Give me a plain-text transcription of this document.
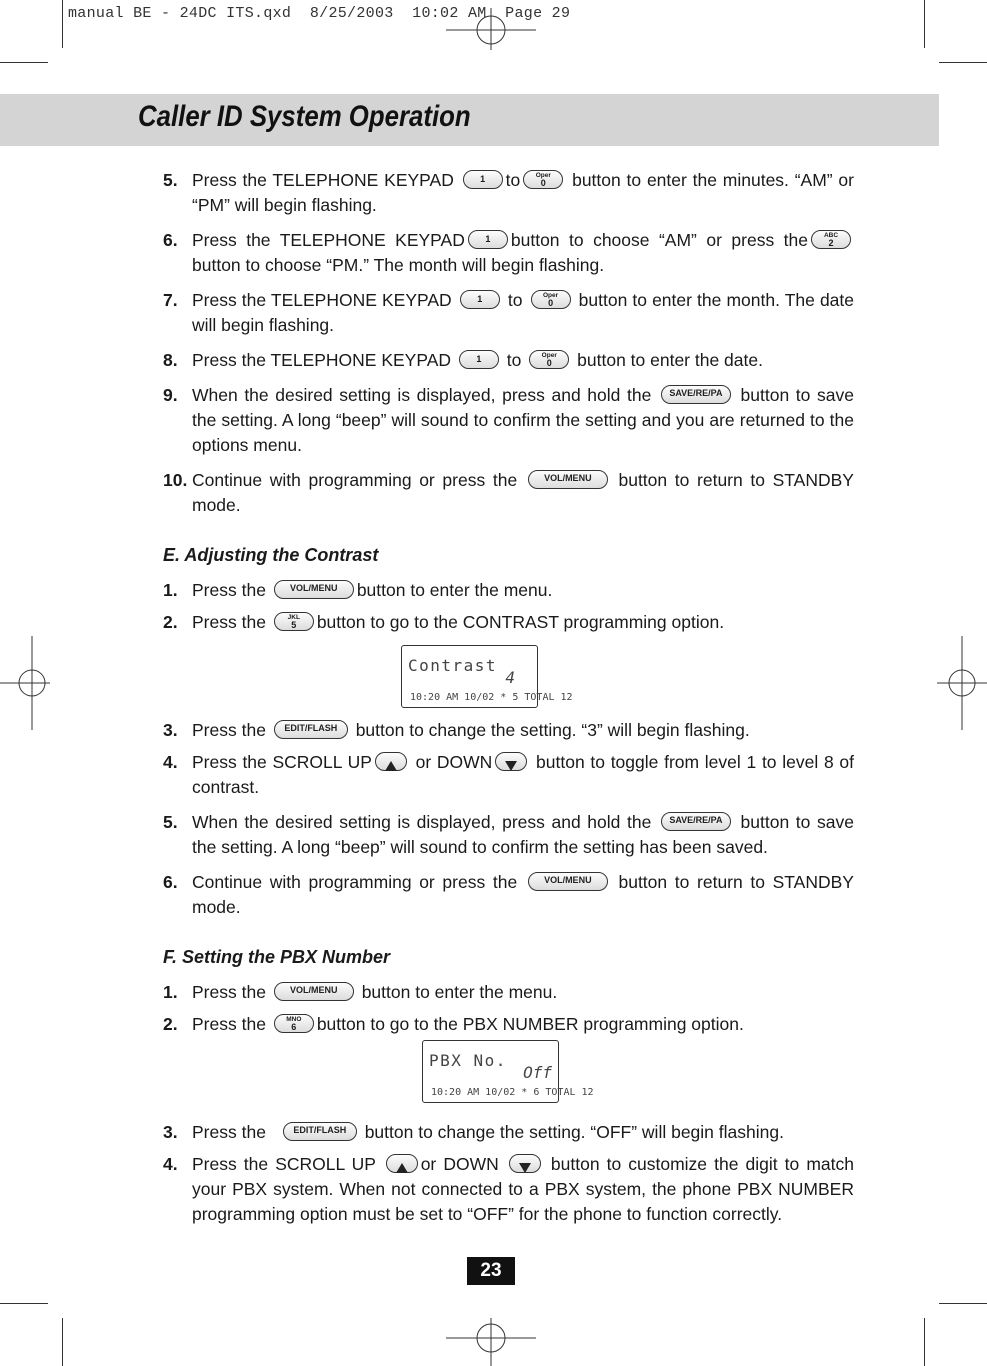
manual BE - 24DC ITS.qxd  8/25/2003  10:02 AM  Page 29
Caller ID System Operation

5. Press the TELEPHONE KEYPAD	1	to	Oper
0	button to enter the minutes. “AM” or “PM” will begin flashing.

6. Press the TELEPHONE KEYPAD	1	button to choose “AM” or press the	ABC
2
button to choose “PM.” The month will begin flashing.

7. Press the TELEPHONE KEYPAD	1	to	Oper
0	button to enter the month. The date will begin flashing.

8. Press the TELEPHONE KEYPAD	1	to	Oper
0	button to enter the date.

9. When the desired setting is displayed, press and hold the	SAVE/RE/PA	button to save the setting. A long “beep” will sound to confirm the setting and you are returned to the options menu.

10. Continue with programming or press the	VOL/MENU	button to return to STANDBY mode.

E. Adjusting the Contrast

1. Press the	VOL/MENU	button to enter the menu.

2. Press the	JKL
5	button to go to the CONTRAST programming option.

3. Press the	EDIT/FLASH	button to change the setting. “3” will begin flashing.

4. Press the SCROLL UP or DOWN button to toggle from level 1 to level 8 of contrast.

5. When the desired setting is displayed, press and hold the	SAVE/RE/PA	button to save the setting. A long “beep” will sound to confirm the setting has been saved.

6. Continue with programming or press the	VOL/MENU	button to return to STANDBY mode.

F. Setting the PBX Number

1. Press the	VOL/MENU	button to enter the menu.

2. Press the	MNO
6	button to go to the PBX NUMBER programming option.

3. Press the	EDIT/FLASH	button to change the setting. “OFF” will begin flashing.

4. Press the SCROLL UP	or DOWN	button to customize the digit to match your PBX system. When not connected to a PBX system, the phone PBX NUMBER programming option must be set to “OFF” for the phone to function correctly.

Contrast
4
10:20 AM 10/02 * 5 TOTAL 12
PBX No.
Off
10:20 AM 10/02 * 6 TOTAL 12
23
